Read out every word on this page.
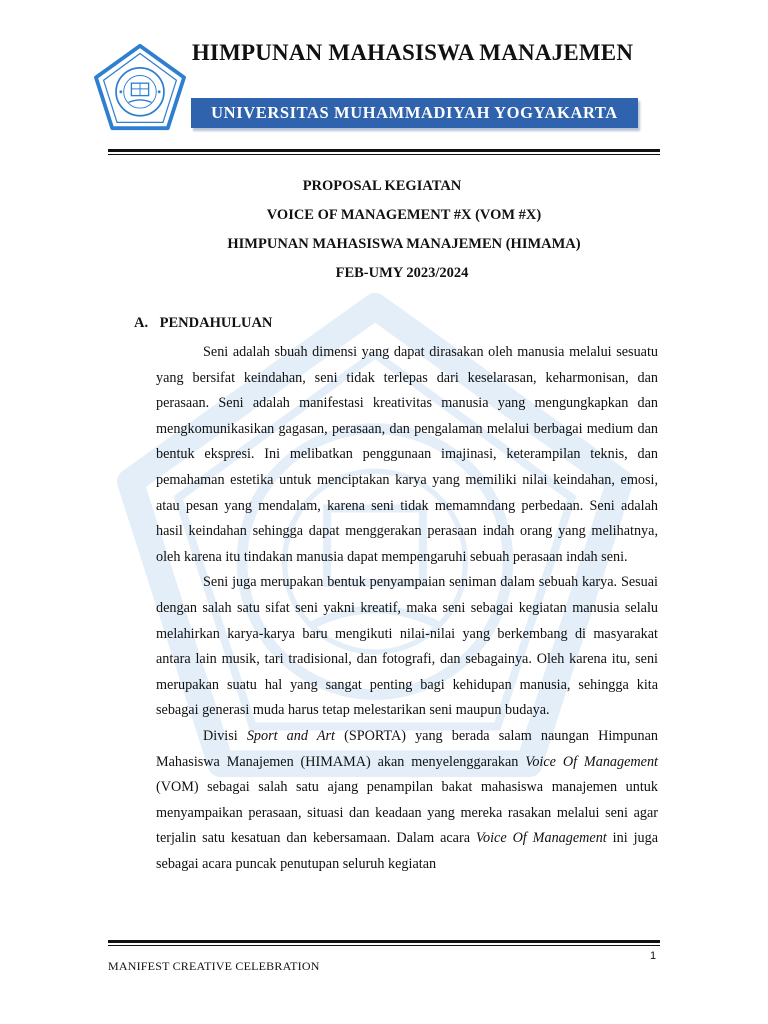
HIMPUNAN MAHASISWA MANAJEMEN
UNIVERSITAS MUHAMMADIYAH YOGYAKARTA
PROPOSAL KEGIATAN
VOICE OF MANAGEMENT #X (VOM #X)
HIMPUNAN MAHASISWA MANAJEMEN (HIMAMA)
FEB-UMY 2023/2024
A. PENDAHULUAN

Seni adalah sbuah dimensi yang dapat dirasakan oleh manusia melalui sesuatu yang bersifat keindahan, seni tidak terlepas dari keselarasan, keharmonisan, dan perasaan. Seni adalah manifestasi kreativitas manusia yang mengungkapkan dan mengkomunikasikan gagasan, perasaan, dan pengalaman melalui berbagai medium dan bentuk ekspresi. Ini melibatkan penggunaan imajinasi, keterampilan teknis, dan pemahaman estetika untuk menciptakan karya yang memiliki nilai keindahan, emosi, atau pesan yang mendalam, karena seni tidak memamndang perbedaan. Seni adalah hasil keindahan sehingga dapat menggerakan perasaan indah orang yang melihatnya, oleh karena itu tindakan manusia dapat mempengaruhi sebuah perasaan indah seni.

Seni juga merupakan bentuk penyampaian seniman dalam sebuah karya. Sesuai dengan salah satu sifat seni yakni kreatif, maka seni sebagai kegiatan manusia selalu melahirkan karya-karya baru mengikuti nilai-nilai yang berkembang di masyarakat antara lain musik, tari tradisional, dan fotografi, dan sebagainya. Oleh karena itu, seni merupakan suatu hal yang sangat penting bagi kehidupan manusia, sehingga kita sebagai generasi muda harus tetap melestarikan seni maupun budaya.

Divisi Sport and Art (SPORTA) yang berada salam naungan Himpunan Mahasiswa Manajemen (HIMAMA) akan menyelenggarakan Voice Of Management (VOM) sebagai salah satu ajang penampilan bakat mahasiswa manajemen untuk menyampaikan perasaan, situasi dan keadaan yang mereka rasakan melalui seni agar terjalin satu kesatuan dan kebersamaan. Dalam acara Voice Of Management ini juga sebagai acara puncak penutupan seluruh kegiatan

1
MANIFEST CREATIVE CELEBRATION
